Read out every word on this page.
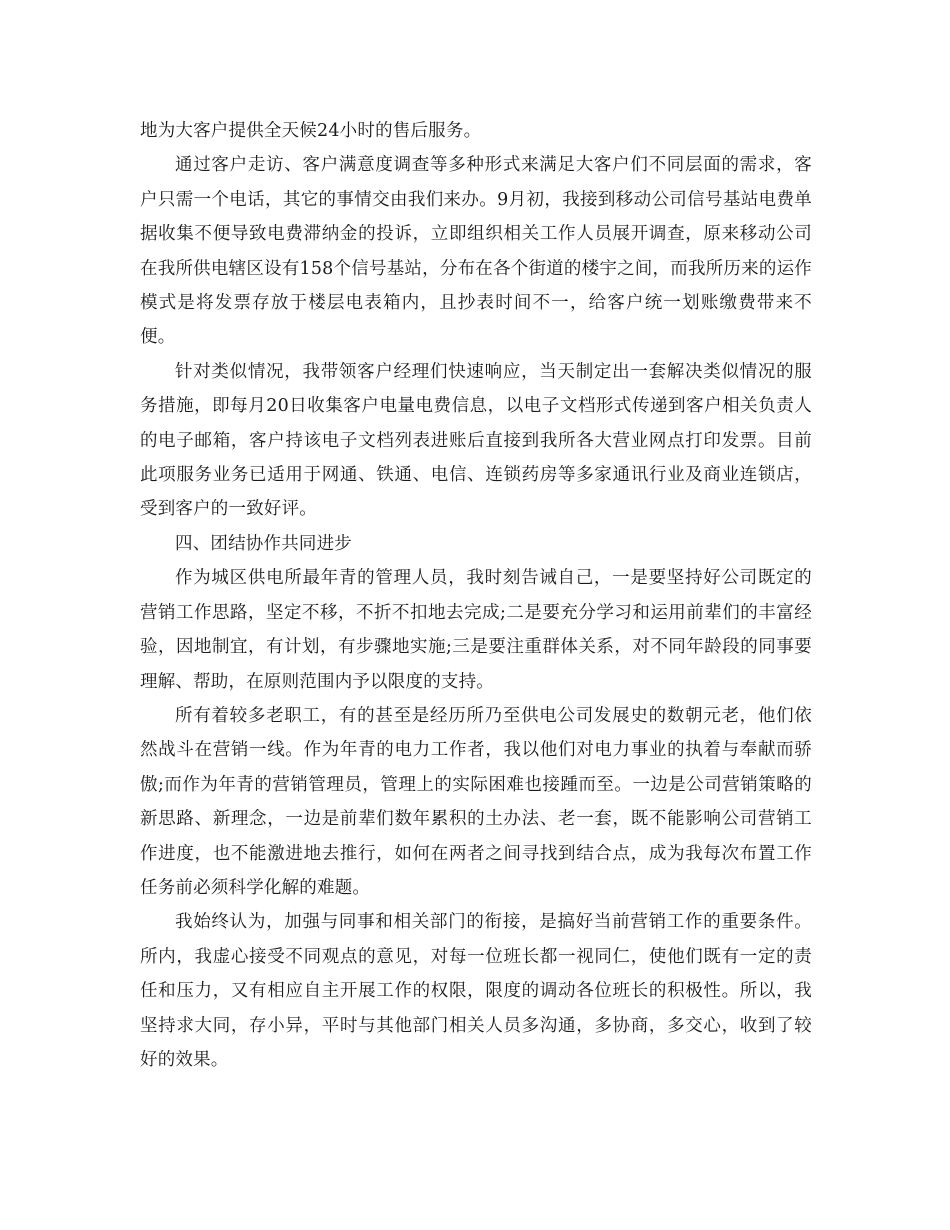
地为大客户提供全天候24小时的售后服务。

通过客户走访、客户满意度调查等多种形式来满足大客户们不同层面的需求，客户只需一个电话，其它的事情交由我们来办。9月初，我接到移动公司信号基站电费单据收集不便导致电费滞纳金的投诉，立即组织相关工作人员展开调查，原来移动公司在我所供电辖区设有158个信号基站，分布在各个街道的楼宇之间，而我所历来的运作模式是将发票存放于楼层电表箱内，且抄表时间不一，给客户统一划账缴费带来不便。

针对类似情况，我带领客户经理们快速响应，当天制定出一套解决类似情况的服务措施，即每月20日收集客户电量电费信息，以电子文档形式传递到客户相关负责人的电子邮箱，客户持该电子文档列表进账后直接到我所各大营业网点打印发票。目前此项服务业务已适用于网通、铁通、电信、连锁药房等多家通讯行业及商业连锁店，受到客户的一致好评。

四、团结协作共同进步

作为城区供电所最年青的管理人员，我时刻告诫自己，一是要坚持好公司既定的营销工作思路，坚定不移，不折不扣地去完成;二是要充分学习和运用前辈们的丰富经验，因地制宜，有计划，有步骤地实施;三是要注重群体关系，对不同年龄段的同事要理解、帮助，在原则范围内予以限度的支持。

所有着较多老职工，有的甚至是经历所乃至供电公司发展史的数朝元老，他们依然战斗在营销一线。作为年青的电力工作者，我以他们对电力事业的执着与奉献而骄傲;而作为年青的营销管理员，管理上的实际困难也接踵而至。一边是公司营销策略的新思路、新理念，一边是前辈们数年累积的土办法、老一套，既不能影响公司营销工作进度，也不能激进地去推行，如何在两者之间寻找到结合点，成为我每次布置工作任务前必须科学化解的难题。

我始终认为，加强与同事和相关部门的衔接，是搞好当前营销工作的重要条件。所内，我虚心接受不同观点的意见，对每一位班长都一视同仁，使他们既有一定的责任和压力，又有相应自主开展工作的权限，限度的调动各位班长的积极性。所以，我坚持求大同，存小异，平时与其他部门相关人员多沟通，多协商，多交心，收到了较好的效果。
